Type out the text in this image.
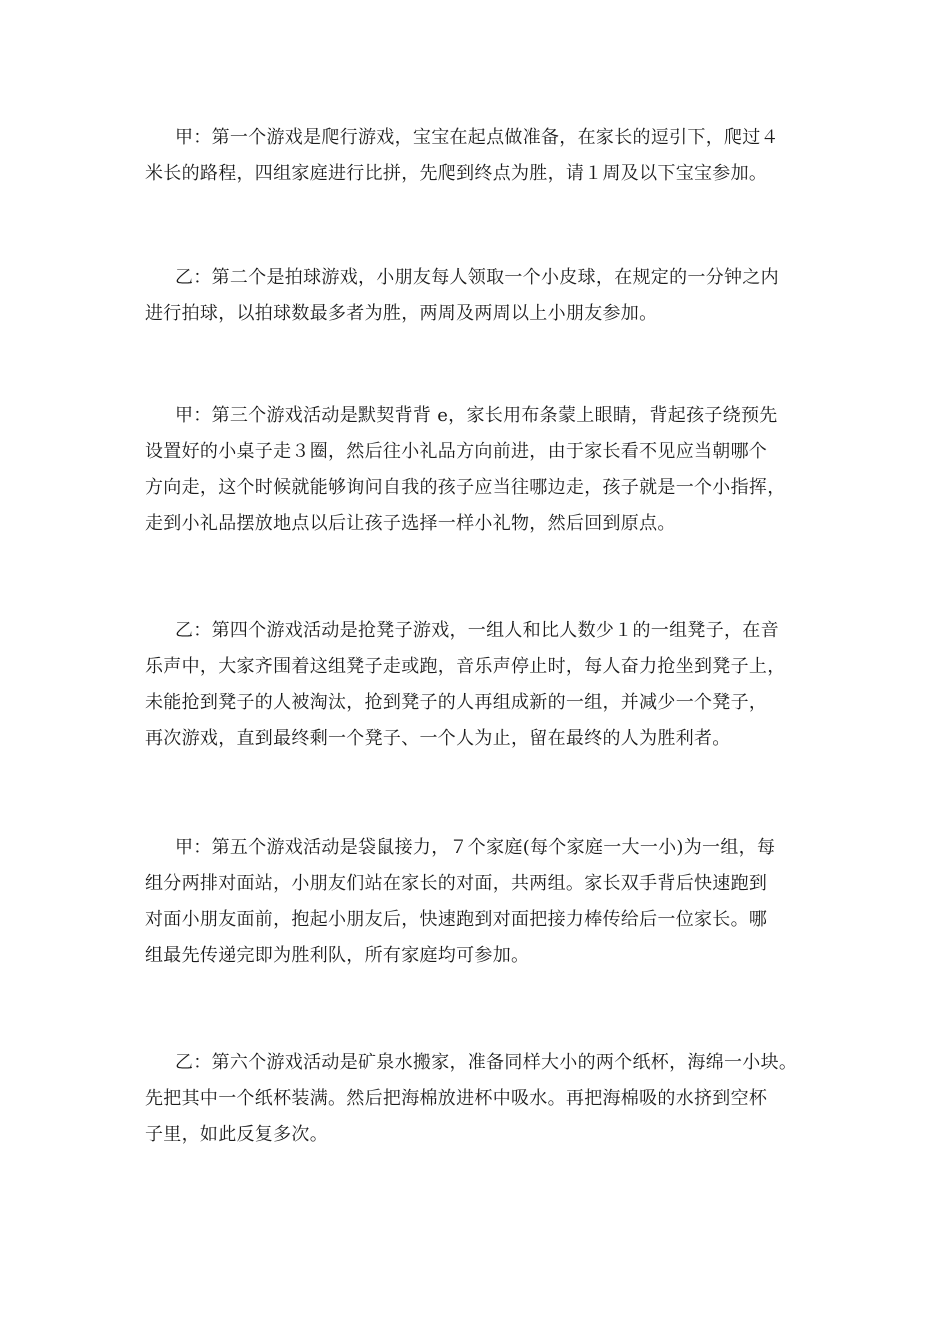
甲：第一个游戏是爬行游戏，宝宝在起点做准备，在家长的逗引下，爬过４
米长的路程，四组家庭进行比拼，先爬到终点为胜，请１周及以下宝宝参加。

乙：第二个是拍球游戏，小朋友每人领取一个小皮球，在规定的一分钟之内
进行拍球，以拍球数最多者为胜，两周及两周以上小朋友参加。

甲：第三个游戏活动是默契背背 e，家长用布条蒙上眼睛，背起孩子绕预先
设置好的小桌子走３圈，然后往小礼品方向前进，由于家长看不见应当朝哪个
方向走，这个时候就能够询问自我的孩子应当往哪边走，孩子就是一个小指挥，
走到小礼品摆放地点以后让孩子选择一样小礼物，然后回到原点。

乙：第四个游戏活动是抢凳子游戏，一组人和比人数少１的一组凳子，在音
乐声中，大家齐围着这组凳子走或跑，音乐声停止时，每人奋力抢坐到凳子上，
未能抢到凳子的人被淘汰，抢到凳子的人再组成新的一组，并减少一个凳子，
再次游戏，直到最终剩一个凳子、一个人为止，留在最终的人为胜利者。

甲：第五个游戏活动是袋鼠接力，７个家庭(每个家庭一大一小)为一组，每
组分两排对面站，小朋友们站在家长的对面，共两组。家长双手背后快速跑到
对面小朋友面前，抱起小朋友后，快速跑到对面把接力棒传给后一位家长。哪
组最先传递完即为胜利队，所有家庭均可参加。

乙：第六个游戏活动是矿泉水搬家，准备同样大小的两个纸杯，海绵一小块。
先把其中一个纸杯装满。然后把海棉放进杯中吸水。再把海棉吸的水挤到空杯
子里，如此反复多次。
